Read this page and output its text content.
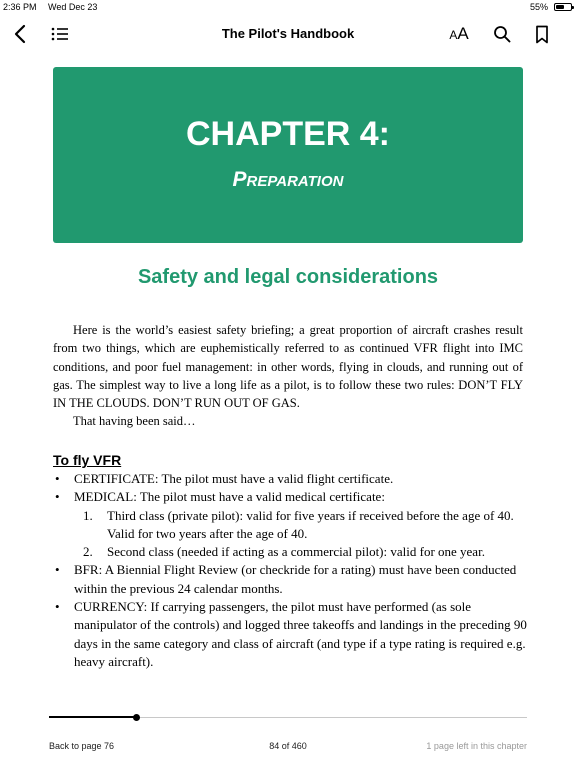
2:36 PM Wed Dec 23	55%
The Pilot's Handbook	AA
CHAPTER 4:
Preparation
Safety and legal considerations
Here is the world’s easiest safety briefing; a great proportion of aircraft crashes result from two things, which are euphemistically referred to as continued VFR flight into IMC conditions, and poor fuel management: in other words, flying in clouds, and running out of gas. The simplest way to live a long life as a pilot, is to follow these two rules: DON’T FLY IN THE CLOUDS. DON’T RUN OUT OF GAS.
That having been said…
To fly VFR
• CERTIFICATE: The pilot must have a valid flight certificate.
• MEDICAL: The pilot must have a valid medical certificate:
1. Third class (private pilot): valid for five years if received before the age of 40. Valid for two years after the age of 40.
2. Second class (needed if acting as a commercial pilot): valid for one year.
• BFR: A Biennial Flight Review (or checkride for a rating) must have been conducted within the previous 24 calendar months.
• CURRENCY: If carrying passengers, the pilot must have performed (as sole manipulator of the controls) and logged three takeoffs and landings in the preceding 90 days in the same category and class of aircraft (and type if a type rating is required e.g. heavy aircraft).
Back to page 76	84 of 460	1 page left in this chapter
